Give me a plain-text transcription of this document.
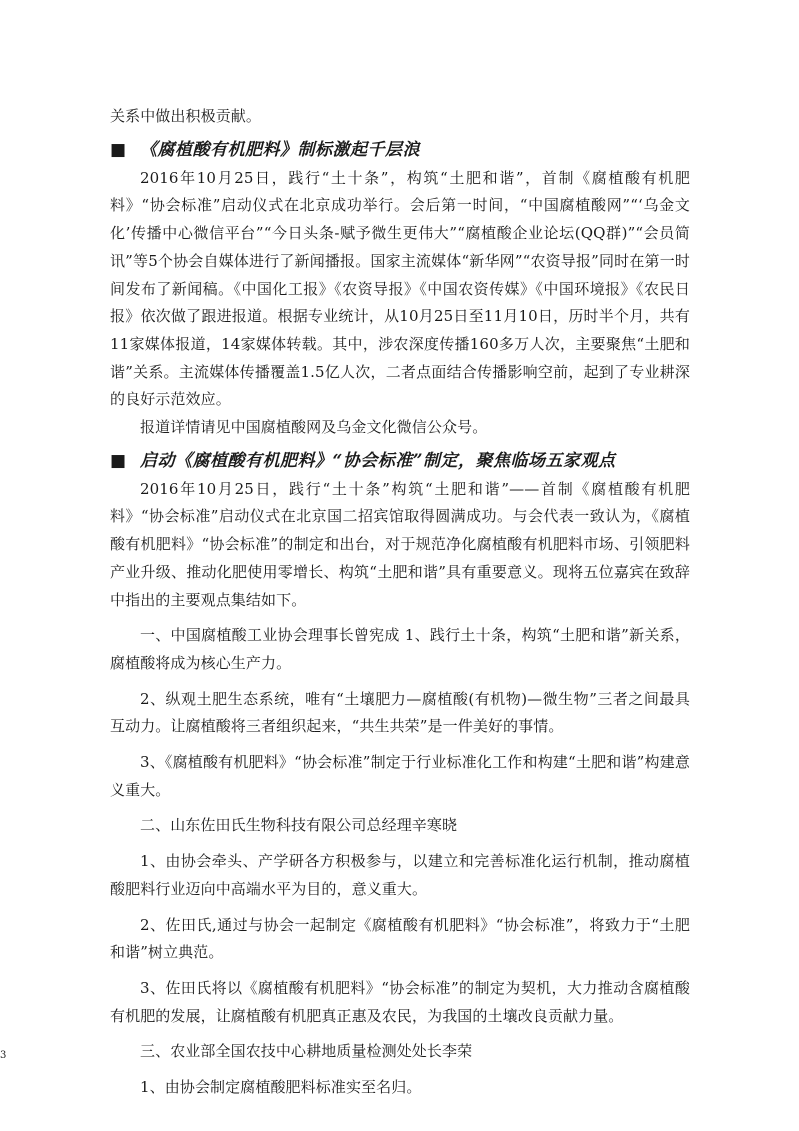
关系中做出积极贡献。

■ 《腐植酸有机肥料》制标激起千层浪

2016年10月25日，践行“土十条”，构筑“土肥和谐”，首制《腐植酸有机肥料》“协会标准”启动仪式在北京成功举行。会后第一时间，“中国腐植酸网”“‘乌金文化’传播中心微信平台”“今日头条-赋予微生更伟大”“腐植酸企业论坛(QQ群)”“会员简讯”等5个协会自媒体进行了新闻播报。国家主流媒体“新华网”“农资导报”同时在第一时间发布了新闻稿。《中国化工报》《农资导报》《中国农资传媒》《中国环境报》《农民日报》依次做了跟进报道。根据专业统计，从10月25日至11月10日，历时半个月，共有11家媒体报道，14家媒体转载。其中，涉农深度传播160多万人次，主要聚焦“土肥和谐”关系。主流媒体传播覆盖1.5亿人次，二者点面结合传播影响空前，起到了专业耕深的良好示范效应。

报道详情请见中国腐植酸网及乌金文化微信公众号。

■ 启动《腐植酸有机肥料》“协会标准”制定，聚焦临场五家观点

2016年10月25日，践行“土十条”构筑“土肥和谐”——首制《腐植酸有机肥料》“协会标准”启动仪式在北京国二招宾馆取得圆满成功。与会代表一致认为，《腐植酸有机肥料》“协会标准”的制定和出台，对于规范净化腐植酸有机肥料市场、引领肥料产业升级、推动化肥使用零增长、构筑“土肥和谐”具有重要意义。现将五位嘉宾在致辞中指出的主要观点集结如下。

一、中国腐植酸工业协会理事长曾宪成 1、践行土十条，构筑“土肥和谐”新关系，腐植酸将成为核心生产力。

2、纵观土肥生态系统，唯有“土壤肥力—腐植酸(有机物)—微生物”三者之间最具互动力。让腐植酸将三者组织起来，“共生共荣”是一件美好的事情。

3、《腐植酸有机肥料》“协会标准”制定于行业标准化工作和构建“土肥和谐”构建意义重大。

二、山东佐田氏生物科技有限公司总经理辛寒晓

1、由协会牵头、产学研各方积极参与，以建立和完善标准化运行机制，推动腐植酸肥料行业迈向中高端水平为目的，意义重大。

2、佐田氏,通过与协会一起制定《腐植酸有机肥料》“协会标准”，将致力于“土肥和谐”树立典范。

3、佐田氏将以《腐植酸有机肥料》“协会标准”的制定为契机，大力推动含腐植酸有机肥的发展，让腐植酸有机肥真正惠及农民，为我国的土壤改良贡献力量。

三、农业部全国农技中心耕地质量检测处处长李荣

1、由协会制定腐植酸肥料标准实至名归。

3
